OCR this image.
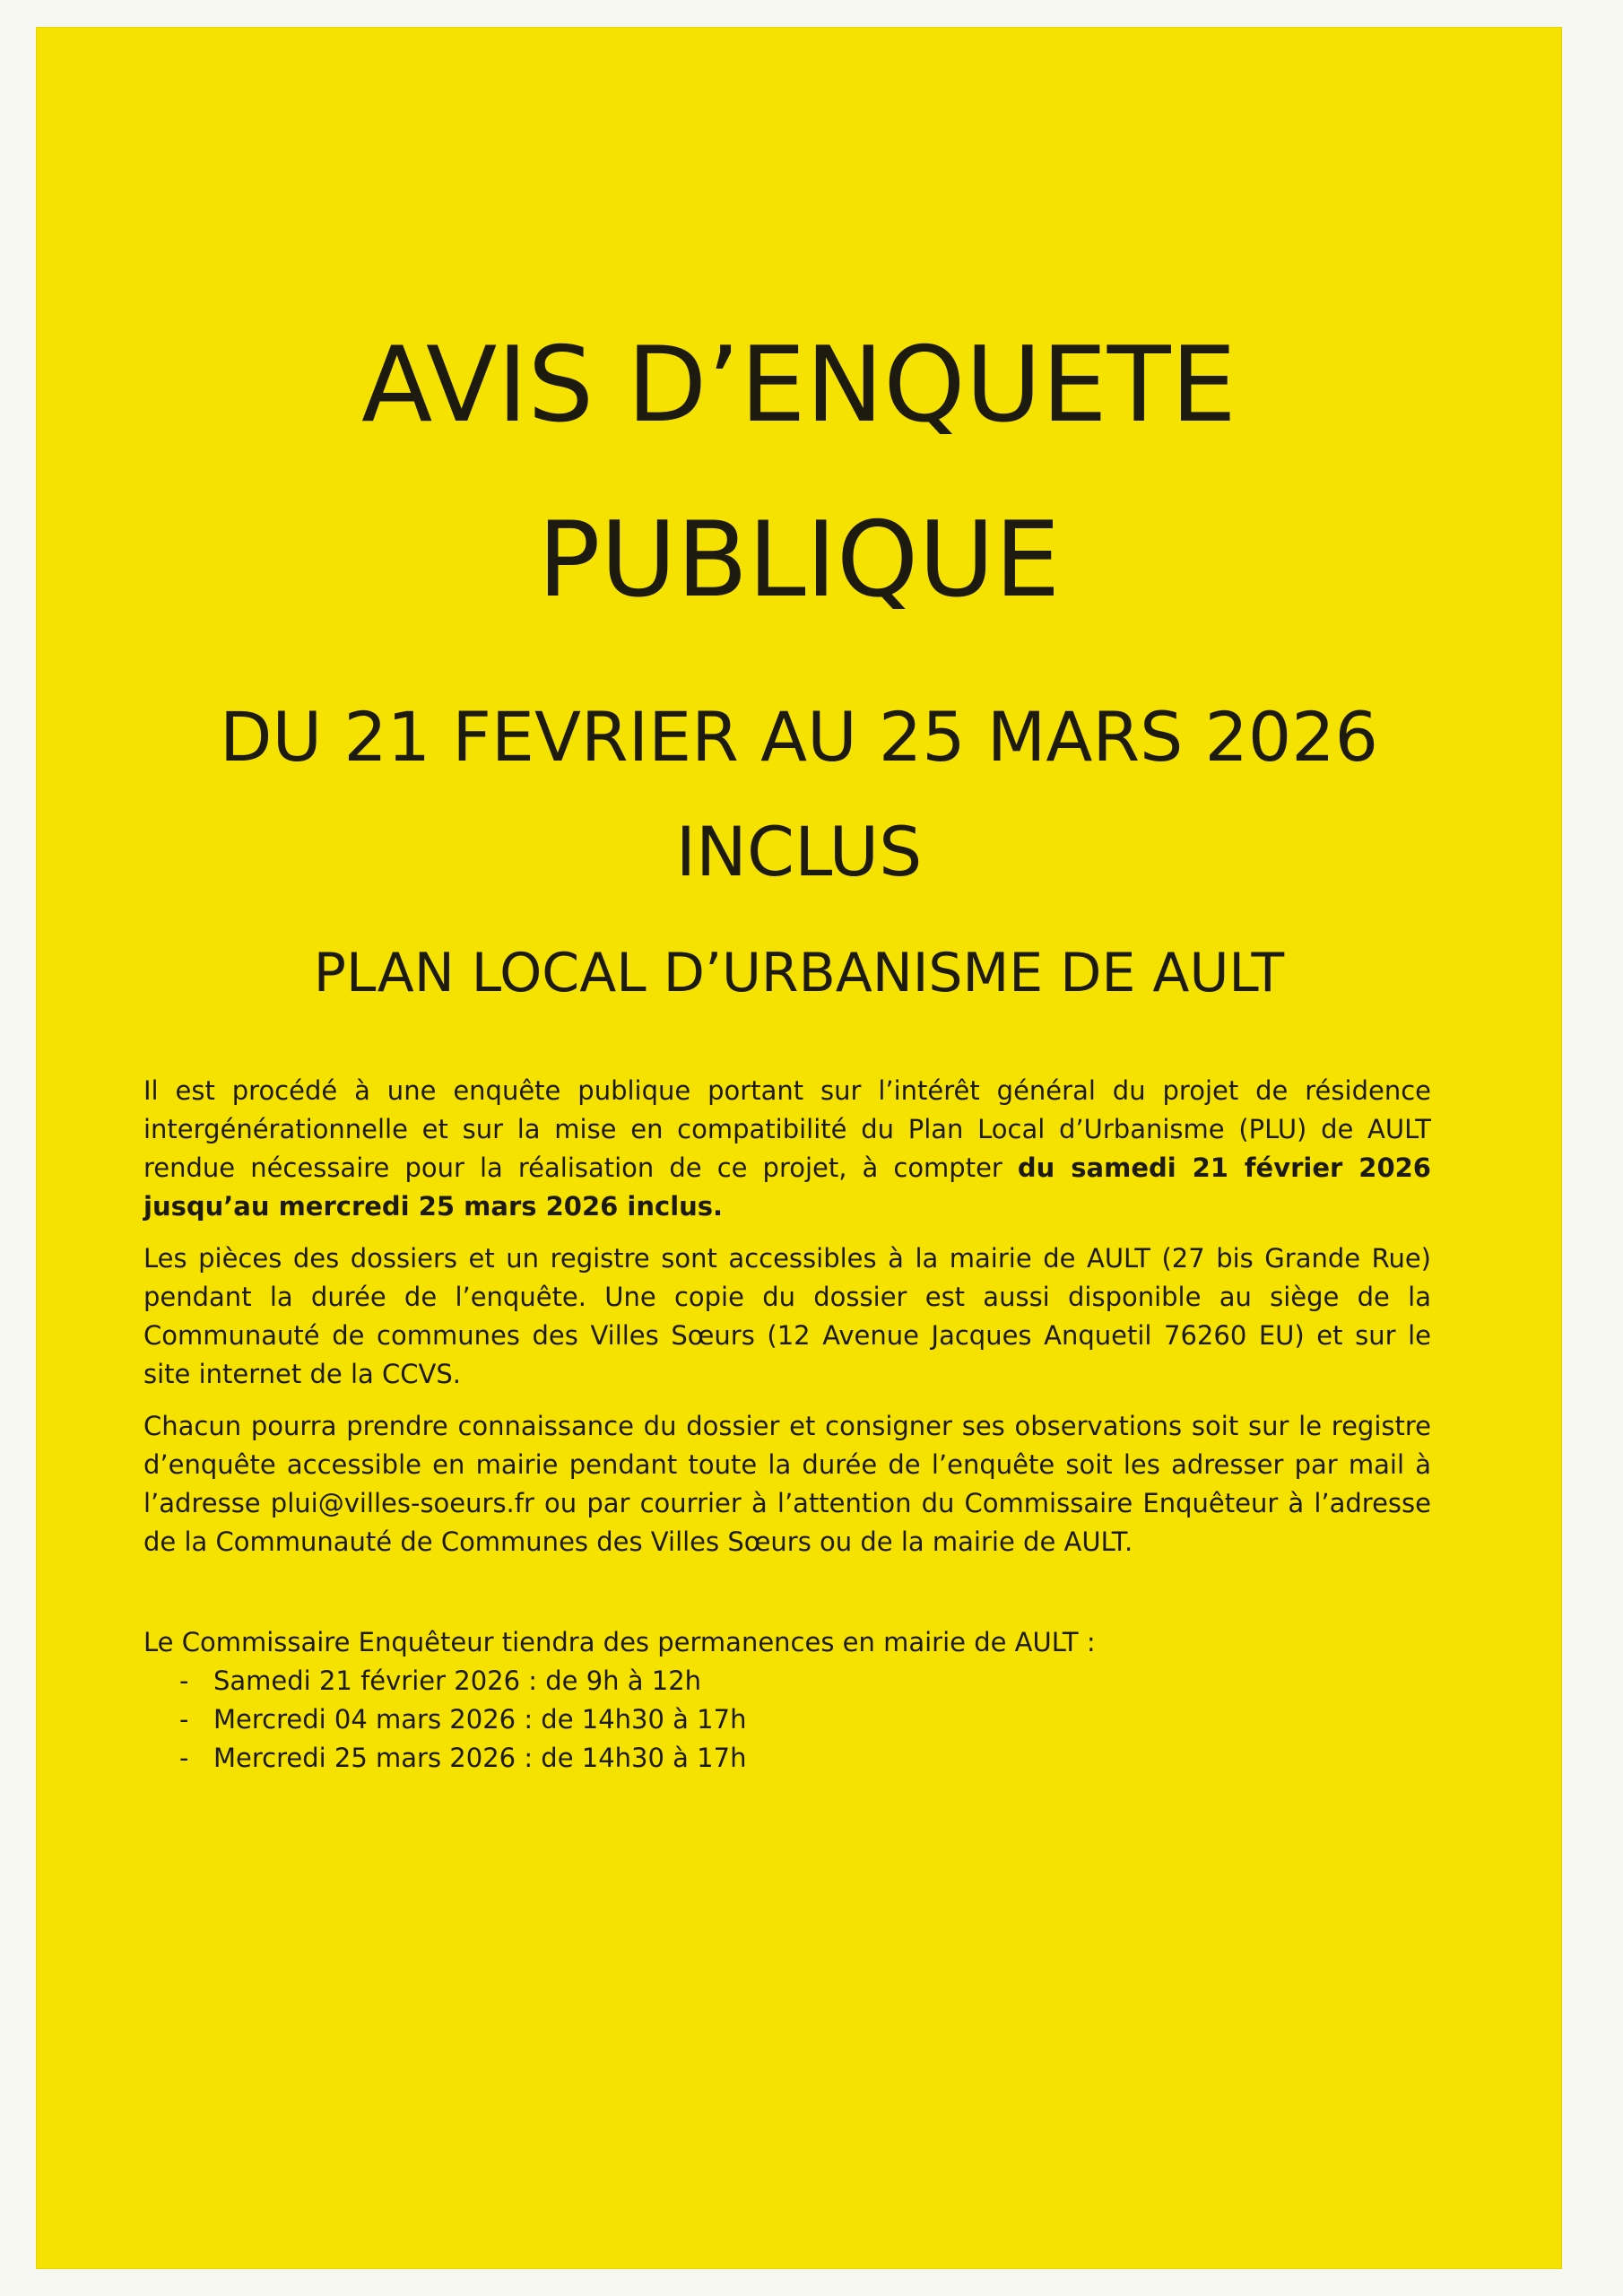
AVIS D’ENQUETE
PUBLIQUE
DU 21 FEVRIER AU 25 MARS 2026
INCLUS
PLAN LOCAL D’URBANISME DE AULT

Il est procédé à une enquête publique portant sur l’intérêt général du projet de résidence intergénérationnelle et sur la mise en compatibilité du Plan Local d’Urbanisme (PLU) de AULT rendue nécessaire pour la réalisation de ce projet, à compter du samedi 21 février 2026 jusqu’au mercredi 25 mars 2026 inclus.

Les pièces des dossiers et un registre sont accessibles à la mairie de AULT (27 bis Grande Rue) pendant la durée de l’enquête. Une copie du dossier est aussi disponible au siège de la Communauté de communes des Villes Sœurs (12 Avenue Jacques Anquetil 76260 EU) et sur le site internet de la CCVS.

Chacun pourra prendre connaissance du dossier et consigner ses observations soit sur le registre d’enquête accessible en mairie pendant toute la durée de l’enquête soit les adresser par mail à l’adresse plui@villes-soeurs.fr ou par courrier à l’attention du Commissaire Enquêteur à l’adresse de la Communauté de Communes des Villes Sœurs ou de la mairie de AULT.

Le Commissaire Enquêteur tiendra des permanences en mairie de AULT :
- Samedi 21 février 2026 : de 9h à 12h
- Mercredi 04 mars 2026 : de 14h30 à 17h
- Mercredi 25 mars 2026 : de 14h30 à 17h
